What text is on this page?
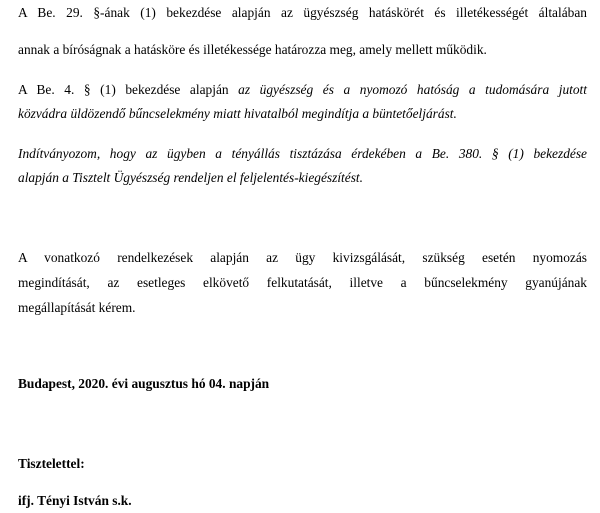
A Be. 29. §-ának (1) bekezdése alapján az ügyészség hatáskörét és illetékességét általában
annak a bíróságnak a hatásköre és illetékessége határozza meg, amely mellett működik.
A Be. 4. § (1) bekezdése alapján az ügyészség és a nyomozó hatóság a tudomására jutott
közvádra üldözendő bűncselekmény miatt hivatalból megindítja a büntetőeljárást.
Indítványozom, hogy az ügyben a tényállás tisztázása érdekében a Be. 380. § (1) bekezdése
alapján a Tisztelt Ügyészség rendeljen el feljelentés-kiegészítést.
A vonatkozó rendelkezések alapján az ügy kivizsgálását, szükség esetén nyomozás
megindítását, az esetleges elkövető felkutatását, illetve a bűncselekmény gyanújának
megállapítását kérem.
Budapest, 2020. évi augusztus hó 04. napján
Tisztelettel:
ifj. Tényi István s.k.
